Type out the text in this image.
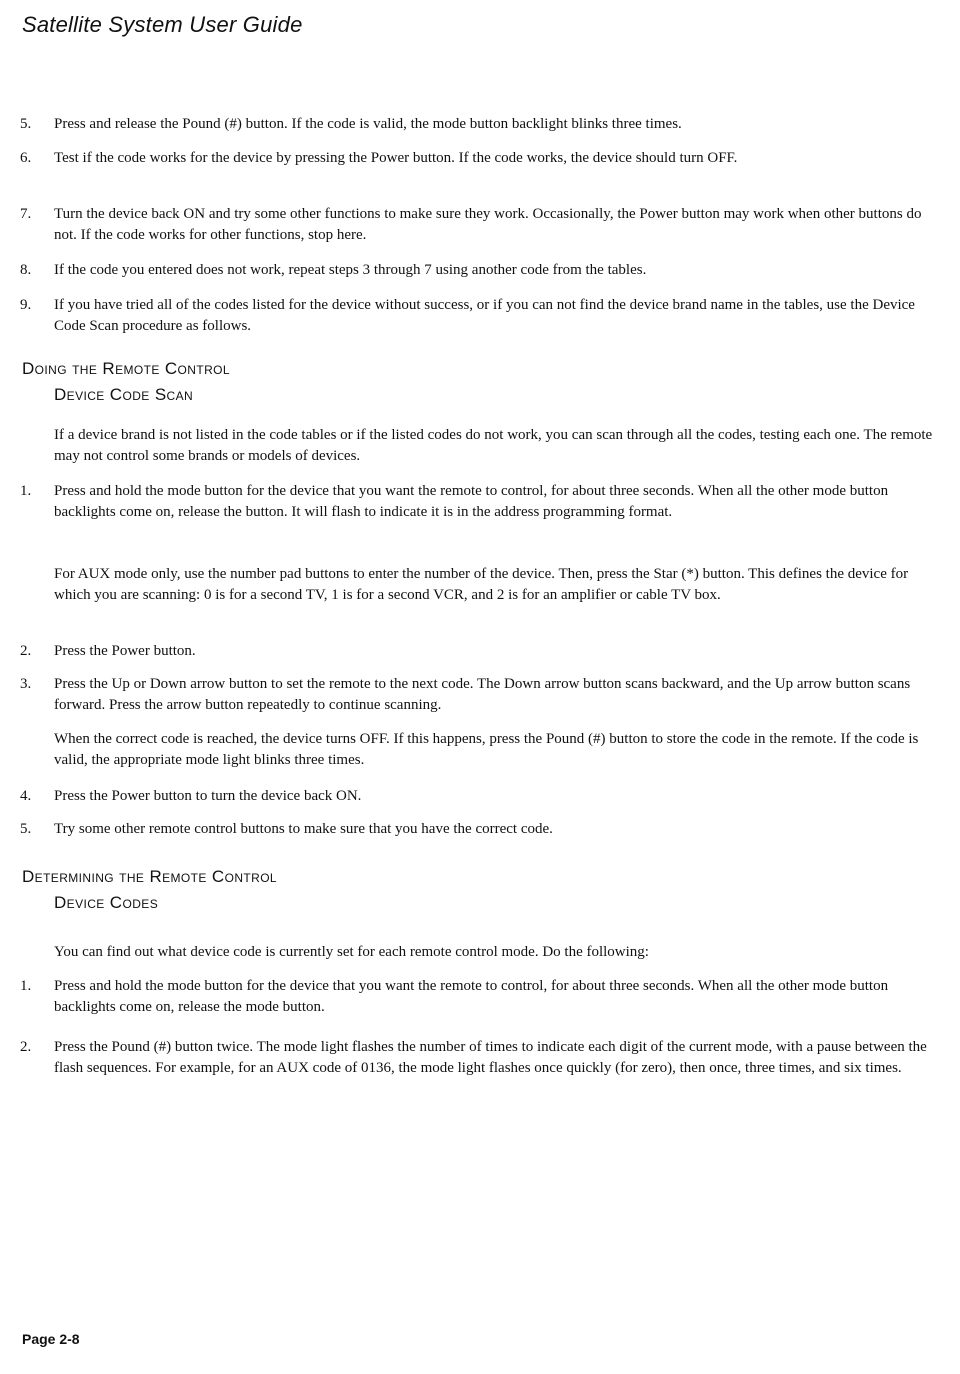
Satellite System User Guide
5. Press and release the Pound (#) button. If the code is valid, the mode button backlight blinks three times.
6. Test if the code works for the device by pressing the Power button. If the code works, the device should turn OFF.
7. Turn the device back ON and try some other functions to make sure they work. Occasionally, the Power button may work when other buttons do not. If the code works for other functions, stop here.
8. If the code you entered does not work, repeat steps 3 through 7 using another code from the tables.
9. If you have tried all of the codes listed for the device without success, or if you can not find the device brand name in the tables, use the Device Code Scan procedure as follows.
Doing the Remote Control
Device Code Scan
If a device brand is not listed in the code tables or if the listed codes do not work, you can scan through all the codes, testing each one. The remote may not control some brands or models of devices.
1. Press and hold the mode button for the device that you want the remote to control, for about three seconds. When all the other mode button backlights come on, release the button. It will flash to indicate it is in the address programming format.
For AUX mode only, use the number pad buttons to enter the number of the device. Then, press the Star (*) button. This defines the device for which you are scanning: 0 is for a second TV, 1 is for a second VCR, and 2 is for an amplifier or cable TV box.
2. Press the Power button.
3. Press the Up or Down arrow button to set the remote to the next code. The Down arrow button scans backward, and the Up arrow button scans forward. Press the arrow button repeatedly to continue scanning.
When the correct code is reached, the device turns OFF. If this happens, press the Pound (#) button to store the code in the remote. If the code is valid, the appropriate mode light blinks three times.
4. Press the Power button to turn the device back ON.
5. Try some other remote control buttons to make sure that you have the correct code.
Determining the Remote Control
Device Codes
You can find out what device code is currently set for each remote control mode. Do the following:
1. Press and hold the mode button for the device that you want the remote to control, for about three seconds. When all the other mode button backlights come on, release the mode button.
2. Press the Pound (#) button twice. The mode light flashes the number of times to indicate each digit of the current mode, with a pause between the flash sequences. For example, for an AUX code of 0136, the mode light flashes once quickly (for zero), then once, three times, and six times.
Page 2-8
